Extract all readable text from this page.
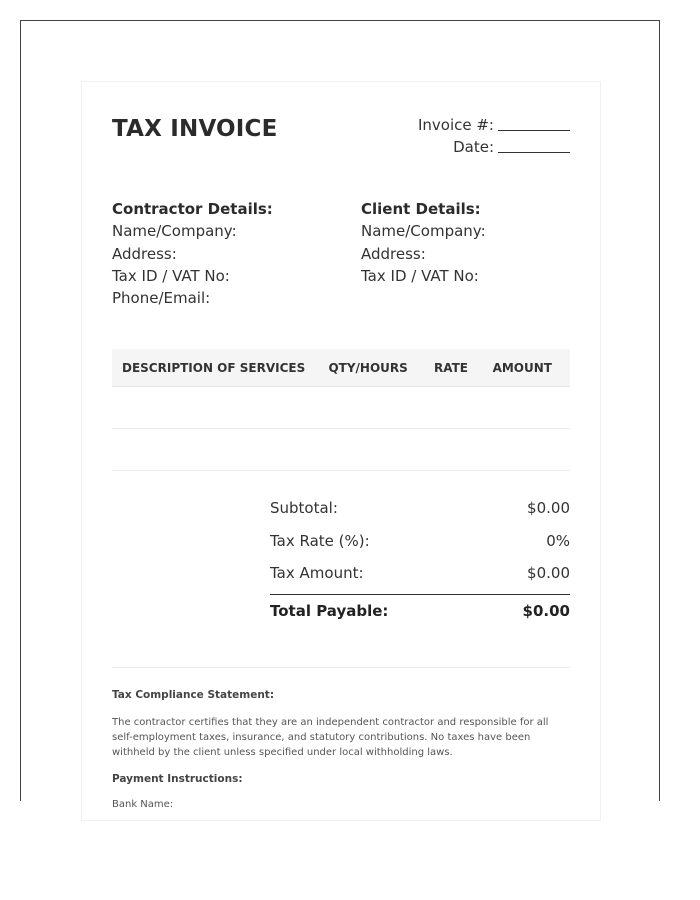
TAX INVOICE	Invoice #:
Date:
Contractor Details:
Name/Company:
Address:
Tax ID / VAT No:
Phone/Email:
Client Details:
Name/Company:
Address:
Tax ID / VAT No:
DESCRIPTION OF SERVICES	QTY/HOURS	RATE	AMOUNT

Subtotal:	$0.00
Tax Rate (%):	0%
Tax Amount:	$0.00
Total Payable:	$0.00
Tax Compliance Statement:

The contractor certifies that they are an independent contractor and responsible for all self-employment taxes, insurance, and statutory contributions. No taxes have been withheld by the client unless specified under local withholding laws.

Payment Instructions:
Bank Name:
